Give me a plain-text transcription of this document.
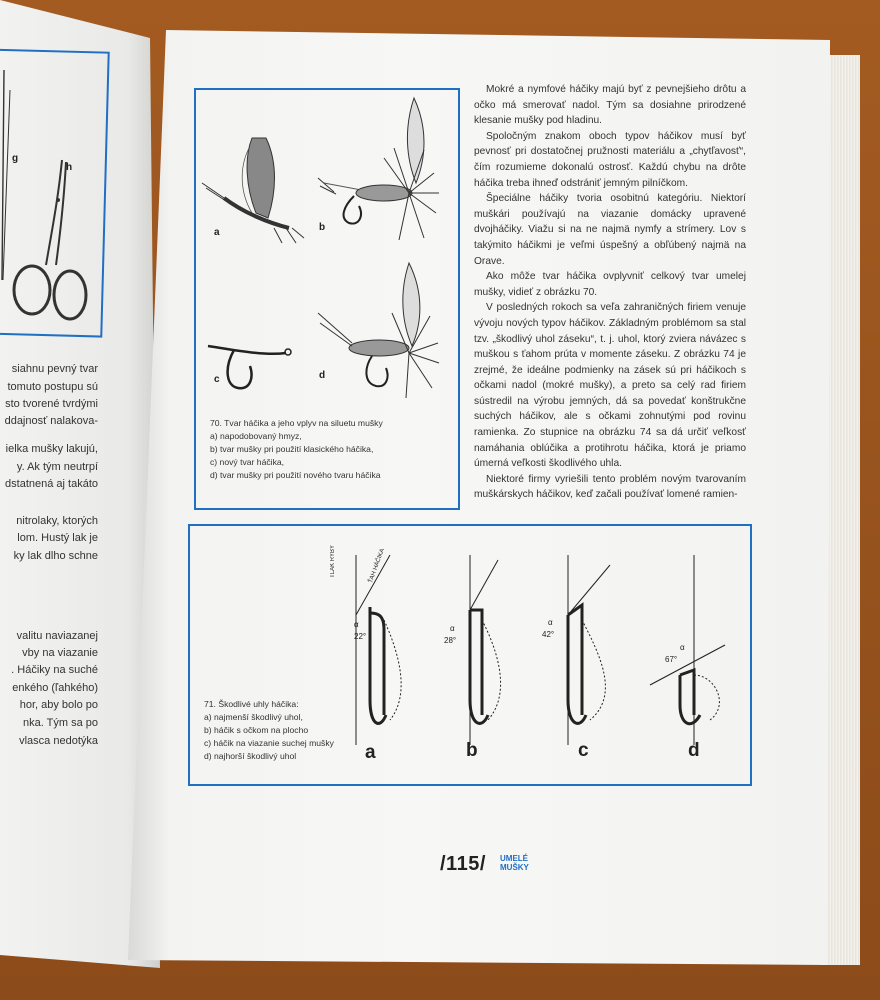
g
h
siahnu pevný tvar
tomuto postupu sú
sto tvorené tvrdými
ddajnosť nalakova-
ielka mušky lakujú,
y. Ak tým neutrpí
dstatnená aj takáto
nitrolaky, ktorých
lom. Hustý lak je
ky lak dlho schne
valitu naviazanej
vby na viazanie
. Háčiky na suché
enkého (ľahkého)
hor, aby bolo po
nka. Tým sa po
vlasca nedotýka
a	b
c	d
70. Tvar háčika a jeho vplyv na siluetu mušky
a) napodobovaný hmyz,
b) tvar mušky pri použití klasického háčika,
c) nový tvar háčika,
d) tvar mušky pri použití nového tvaru háčika

Mokré a nymfové háčiky majú byť z pevnejšieho drôtu a očko má smerovať nadol. Tým sa dosiahne prirodzené klesanie mušky pod hladinu.

Spoločným znakom oboch typov háčikov musí byť pevnosť pri dostatočnej pružnosti materiálu a „chytľavosť“, čím rozumieme dokonalú ostrosť. Každú chybu na drôte háčika treba ihneď odstrániť jemným pilníčkom.

Špeciálne háčiky tvoria osobitnú kategóriu. Niektorí muškári používajú na viazanie domácky upravené dvojháčiky. Viažu si na ne najmä nymfy a strímery. Lov s takýmito háčikmi je veľmi úspešný a obľúbený najmä na Orave.

Ako môže tvar háčika ovplyvniť celkový tvar umelej mušky, vidieť z obrázku 70.

V posledných rokoch sa veľa zahraničných firiem venuje vývoju nových typov háčikov. Základným problémom sa stal tzv. „škodlivý uhol záseku“, t. j. uhol, ktorý zviera návázec s muškou s ťahom prúta v momente záseku. Z obrázku 74 je zrejmé, že ideálne podmienky na zásek sú pri háčikoch s očkami nadol (mokré mušky), a preto sa celý rad firiem sústredil na výrobu jemných, dá sa povedať konštrukčne suchých háčikov, ale s očkami zohnutými pod rovinu ramienka. Zo stupnice na obrázku 74 sa dá určiť veľkosť namáhania oblúčika a protihrotu háčika, ktorá je priamo úmerná veľkosti škodlivého uhla.

Niektoré firmy vyriešili tento problém novým tvarovaním muškárskych háčikov, keď začali používať lomené ramien-

TLAK RYBY	ŤAH HÁČIKA
22°	28°
42°
67°
α	α
α
α
a	b	c	d
71. Škodlivé uhly háčika:
a) najmenší škodlivý uhol,
b) háčik s očkom na plocho
c) háčik na viazanie suchej mušky
d) najhorší škodlivý uhol
/115/ UMELÉ
MUŠKY
